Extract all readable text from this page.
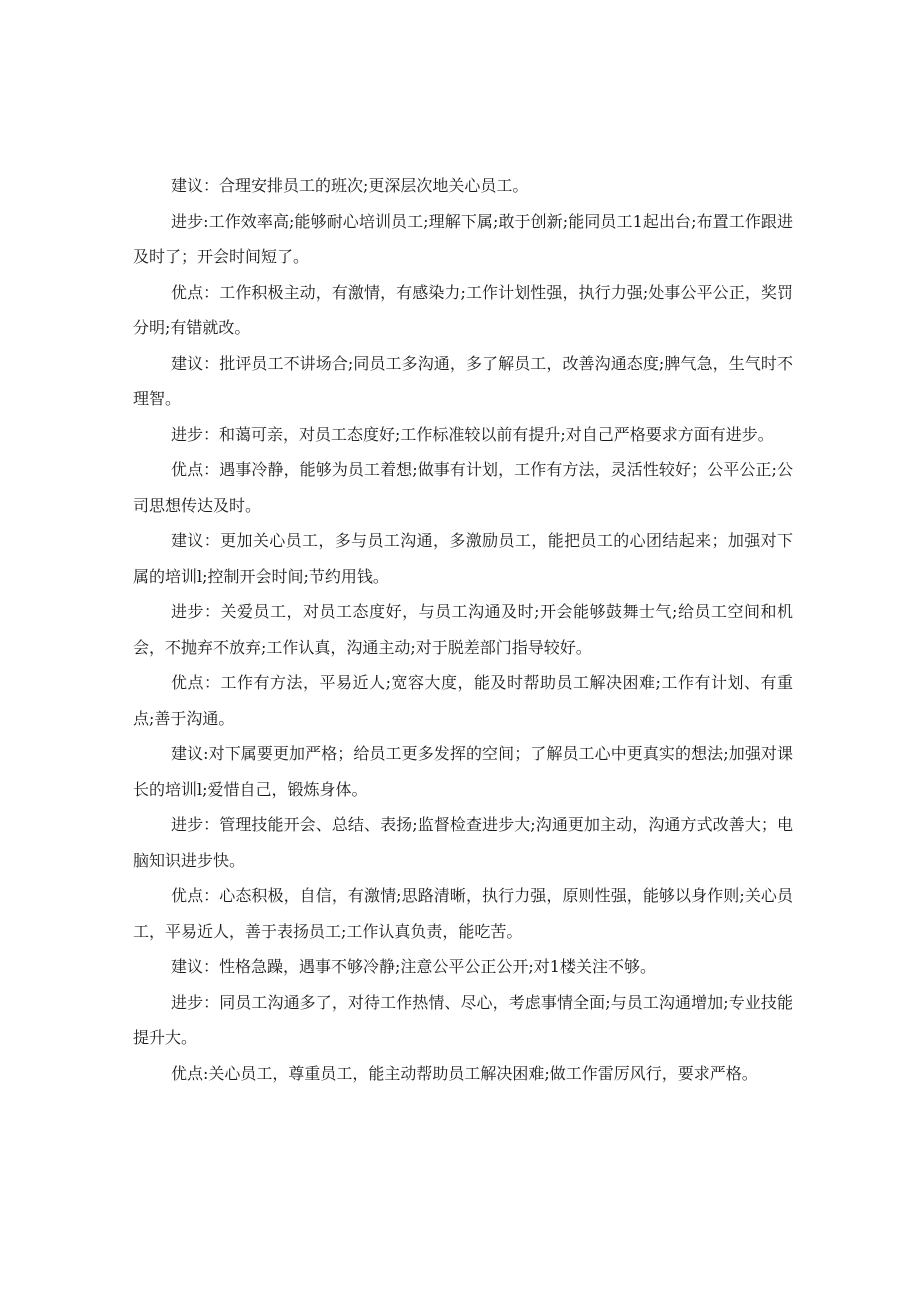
建议：合理安排员工的班次;更深层次地关心员工。

进步:工作效率高;能够耐心培训员工;理解下属;敢于创新;能同员工1起出台;布置工作跟进及时了；开会时间短了。

优点：工作积极主动，有激情，有感染力;工作计划性强，执行力强;处事公平公正，奖罚分明;有错就改。

建议：批评员工不讲场合;同员工多沟通，多了解员工，改善沟通态度;脾气急，生气时不理智。

进步：和蔼可亲，对员工态度好;工作标准较以前有提升;对自己严格要求方面有进步。

优点：遇事冷静，能够为员工着想;做事有计划，工作有方法，灵活性较好；公平公正;公司思想传达及时。

建议：更加关心员工，多与员工沟通，多激励员工，能把员工的心团结起来；加强对下属的培训l;控制开会时间;节约用钱。

进步：关爱员工，对员工态度好，与员工沟通及时;开会能够鼓舞士气;给员工空间和机会，不抛弃不放弃;工作认真，沟通主动;对于脱差部门指导较好。

优点：工作有方法，平易近人;宽容大度，能及时帮助员工解决困难;工作有计划、有重点;善于沟通。

建议:对下属要更加严格；给员工更多发挥的空间；了解员工心中更真实的想法;加强对课长的培训l;爱惜自己，锻炼身体。

进步：管理技能开会、总结、表扬;监督检查进步大;沟通更加主动，沟通方式改善大；电脑知识进步快。

优点：心态积极，自信，有激情;思路清晰，执行力强，原则性强，能够以身作则;关心员工，平易近人，善于表扬员工;工作认真负责，能吃苦。

建议：性格急躁，遇事不够冷静;注意公平公正公开;对1楼关注不够。

进步：同员工沟通多了，对待工作热情、尽心，考虑事情全面;与员工沟通增加;专业技能提升大。

优点:关心员工，尊重员工，能主动帮助员工解决困难;做工作雷厉风行，要求严格。
